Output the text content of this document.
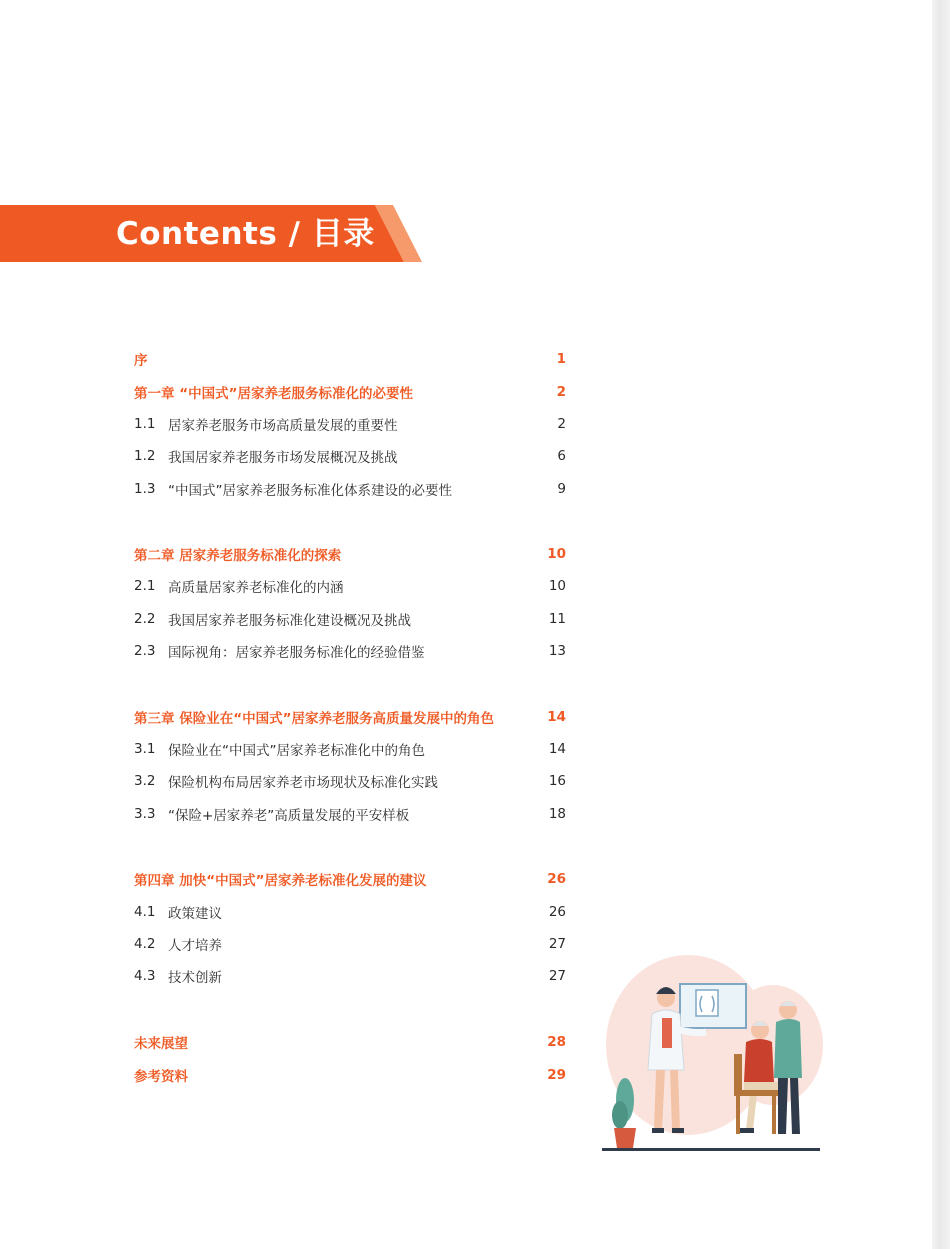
Contents / 目录
序	1
第一章 “中国式”居家养老服务标准化的必要性	2
1.1 居家养老服务市场高质量发展的重要性	2
1.2 我国居家养老服务市场发展概况及挑战	6
1.3 “中国式”居家养老服务标准化体系建设的必要性	9
第二章 居家养老服务标准化的探索	10
2.1 高质量居家养老标准化的内涵	10
2.2 我国居家养老服务标准化建设概况及挑战	11
2.3 国际视角：居家养老服务标准化的经验借鉴	13
第三章 保险业在“中国式”居家养老服务高质量发展中的角色	14
3.1 保险业在“中国式”居家养老标准化中的角色	14
3.2 保险机构布局居家养老市场现状及标准化实践	16
3.3 “保险+居家养老”高质量发展的平安样板	18
第四章 加快“中国式”居家养老标准化发展的建议	26
4.1 政策建议	26
4.2 人才培养	27
4.3 技术创新	27
未来展望	28
参考资料	29
